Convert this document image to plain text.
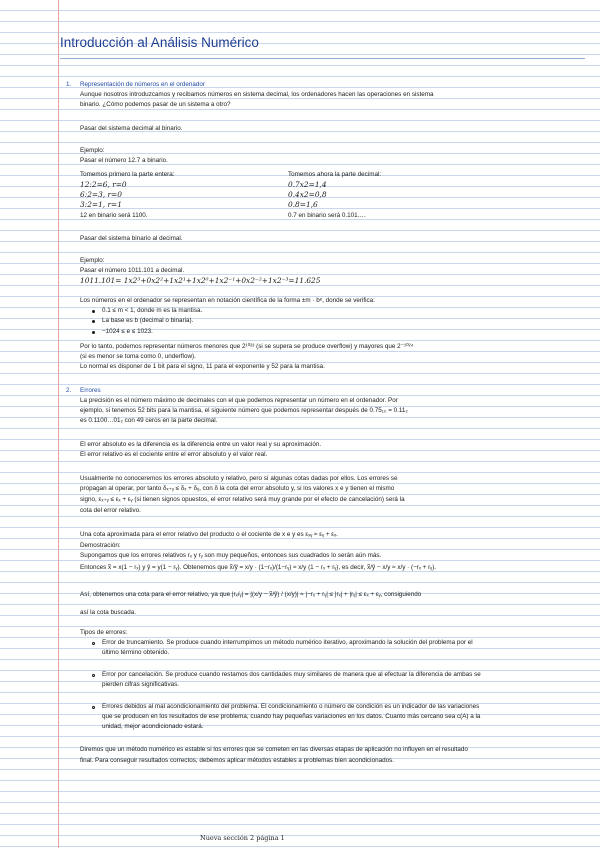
Introducción al Análisis Numérico
1. Representación de números en el ordenador
Aunque nosotros introduzcamos y recibamos números en sistema decimal, los ordenadores hacen las operaciones en sistema
binario. ¿Cómo podemos pasar de un sistema a otro?
Pasar del sistema decimal al binario.
Ejemplo:
Pasar el número 12.7 a binario.
Tomemos primero la parte entera:
12:2=6, r=0
6:2=3, r=0
3:2=1, r=1
12 en binario será 1100.
Tomemos ahora la parte decimal:
0.7x2=1,4
0.4x2=0,8
0.8=1,6
0.7 en binario será 0.101….
Pasar del sistema binario al decimal.
Ejemplo:
Pasar el número 1011.101 a decimal.
1011.101= 1x2³+0x2²+1x2¹+1x2⁰+1x2⁻¹+0x2⁻²+1x2⁻³=11.625
Los números en el ordenador se representan en notación científica de la forma ±m · bᵉ, donde se verifica:
0.1 ≤ m < 1, donde m es la mantisa.
La base es b (decimal o binaria).
−1024 ≤ e ≤ 1023.
Por lo tanto, podemos representar números menores que 2¹⁰²³ (si se supera se produce overflow) y mayores que 2⁻¹⁰²⁴
(si es menor se toma como 0, underflow).
Lo normal es disponer de 1 bit para el signo, 11 para el exponente y 52 para la mantisa.
2. Errores
La precisión es el número máximo de decimales con el que podemos representar un número en el ordenador. Por
ejemplo, si tenemos 52 bits para la mantisa, el siguiente número que podemos representar después de 0.75₁₀ = 0.11₂
es 0.1100…01₂ con 49 ceros en la parte decimal.
El error absoluto es la diferencia es la diferencia entre un valor real y su aproximación.
El error relativo es el cociente entre el error absoluto y el valor real.
Usualmente no conoceremos los errores absoluto y relativo, pero sí algunas cotas dadas por ellos. Los errores se
propagan al operar, por tanto δₓ₊ᵧ ≤ δₓ + δᵧ, con δ la cota del error absoluto y, si los valores x e y tienen el mismo
signo, εₓ₊ᵧ ≤ εₓ + εᵧ (si tienen signos opuestos, el error relativo será muy grande por el efecto de cancelación) será la
cota del error relativo.
Una cota aproximada para el error relativo del producto o el cociente de x e y es εₓᵧ ≈ εᵧ + εₓ.
Demostración:
Supongamos que los errores relativos rₓ y rᵧ son muy pequeños, entonces sus cuadrados lo serán aún más.
Entonces x̃ = x(1 − rₓ) y ỹ = y(1 − rᵧ). Obtenemos que x̃/ỹ = x/y · (1−rₓ)/(1−rᵧ) ≈ x/y (1 − rₓ + rᵧ), es decir, x̃/ỹ − x/y ≈ x/y · (−rₓ + rᵧ).
Así, obtenemos una cota para el error relativo, ya que |rₓ/ᵧ| = |(x/y − x̃/ỹ) / (x/y)| ≈ |−rₓ + rᵧ| ≤ |rₓ| + |rᵧ| ≤ εₓ + εᵧ, consiguiendo
así la cota buscada.
Tipos de errores:
Error de truncamiento. Se produce cuando interrumpimos un método numérico iterativo, aproximando la solución del problema por el
último término obtenido.
Error por cancelación. Se produce cuando restamos dos cantidades muy similares de manera que al efectuar la diferencia de ambas se
pierden cifras significativas.
Errores debidos al mal acondicionamiento del problema. El condicionamiento o número de condición es un indicador de las variaciones
que se producen en los resultados de ese problema, cuando hay pequeñas variaciones en los datos. Cuanto más cercano sea c(A) a la
unidad, mejor acondicionado estará.
Diremos que un método numérico es estable si los errores que se cometen en las diversas etapas de aplicación no influyen en el resultado
final. Para conseguir resultados correctos, debemos aplicar métodos estables a problemas bien acondicionados.
Nueva sección 2 página 1
